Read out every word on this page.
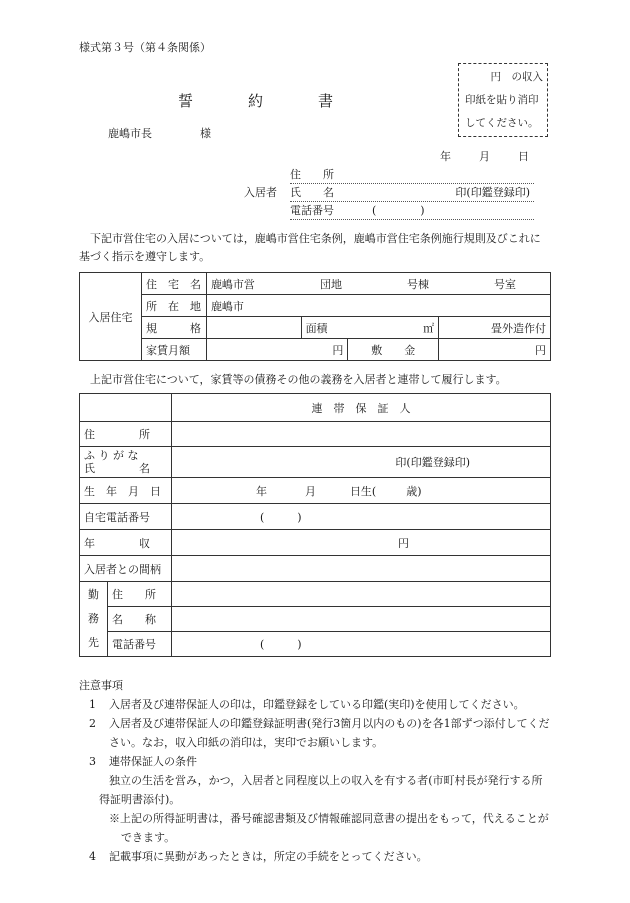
様式第３号（第４条関係）
誓約書
鹿嶋市長	様
円　の収入
印紙を貼り消印
してください。
年	月	日
入居者
住　　所
氏　　名	印(印鑑登録印)
電話番号	(　　　　)
下記市営住宅の入居については，鹿嶋市営住宅条例，鹿嶋市営住宅条例施行規則及びこれに基づく指示を遵守します。
入居住宅	住　宅　名	鹿嶋市営 団地 号棟 号室			

	所　在　地	鹿嶋市			
	規　　　格		面積 ㎡		畳外造作付
	家賃月額	円		敷　　金	円
上記市営住宅について，家賃等の債務その他の義務を入居者と連帯して履行します。
		連　帯　保　証　人
住　　　　所		

ふ り が な
氏　　　　名		印(印鑑登録印)
生　年　月　日		年 月 日生( 歳)
自宅電話番号		(　　　)
年　　　　収		円
入居者との間柄		

勤
務
先	住　　所	
	名　　称	
	電話番号	(　　　)
注意事項
1 入居者及び連帯保証人の印は，印鑑登録をしている印鑑(実印)を使用してください。
2 入居者及び連帯保証人の印鑑登録証明書(発行3箇月以内のもの)を各1部ずつ添付してください。なお，収入印紙の消印は，実印でお願いします。
3 連帯保証人の条件
独立の生活を営み，かつ，入居者と同程度以上の収入を有する者(市町村長が発行する所得証明書添付)。
※上記の所得証明書は，番号確認書類及び情報確認同意書の提出をもって，代えることができます。
4 記載事項に異動があったときは，所定の手続をとってください。
